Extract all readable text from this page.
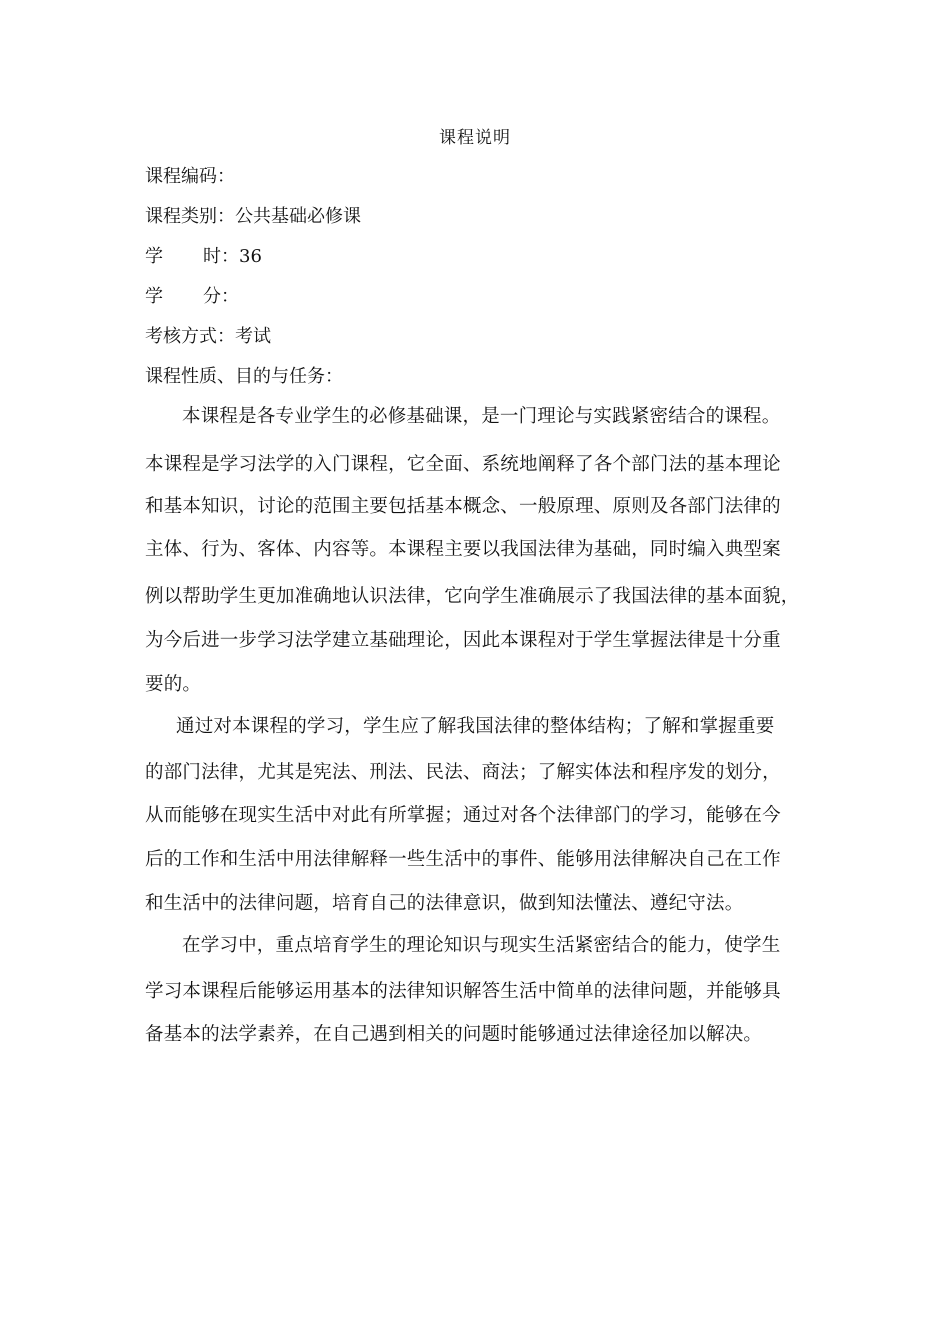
课程说明
课程编码：
课程类别：公共基础必修课
学 时：36
学 分：
考核方式：考试
课程性质、目的与任务：
本课程是各专业学生的必修基础课，是一门理论与实践紧密结合的课程。
本课程是学习法学的入门课程，它全面、系统地阐释了各个部门法的基本理论
和基本知识，讨论的范围主要包括基本概念、一般原理、原则及各部门法律的
主体、行为、客体、内容等。本课程主要以我国法律为基础，同时编入典型案
例以帮助学生更加准确地认识法律，它向学生准确展示了我国法律的基本面貌，
为今后进一步学习法学建立基础理论，因此本课程对于学生掌握法律是十分重
要的。
通过对本课程的学习，学生应了解我国法律的整体结构；了解和掌握重要
的部门法律，尤其是宪法、刑法、民法、商法；了解实体法和程序发的划分，
从而能够在现实生活中对此有所掌握；通过对各个法律部门的学习，能够在今
后的工作和生活中用法律解释一些生活中的事件、能够用法律解决自己在工作
和生活中的法律问题，培育自己的法律意识，做到知法懂法、遵纪守法。
在学习中，重点培育学生的理论知识与现实生活紧密结合的能力，使学生
学习本课程后能够运用基本的法律知识解答生活中简单的法律问题，并能够具
备基本的法学素养，在自己遇到相关的问题时能够通过法律途径加以解决。
